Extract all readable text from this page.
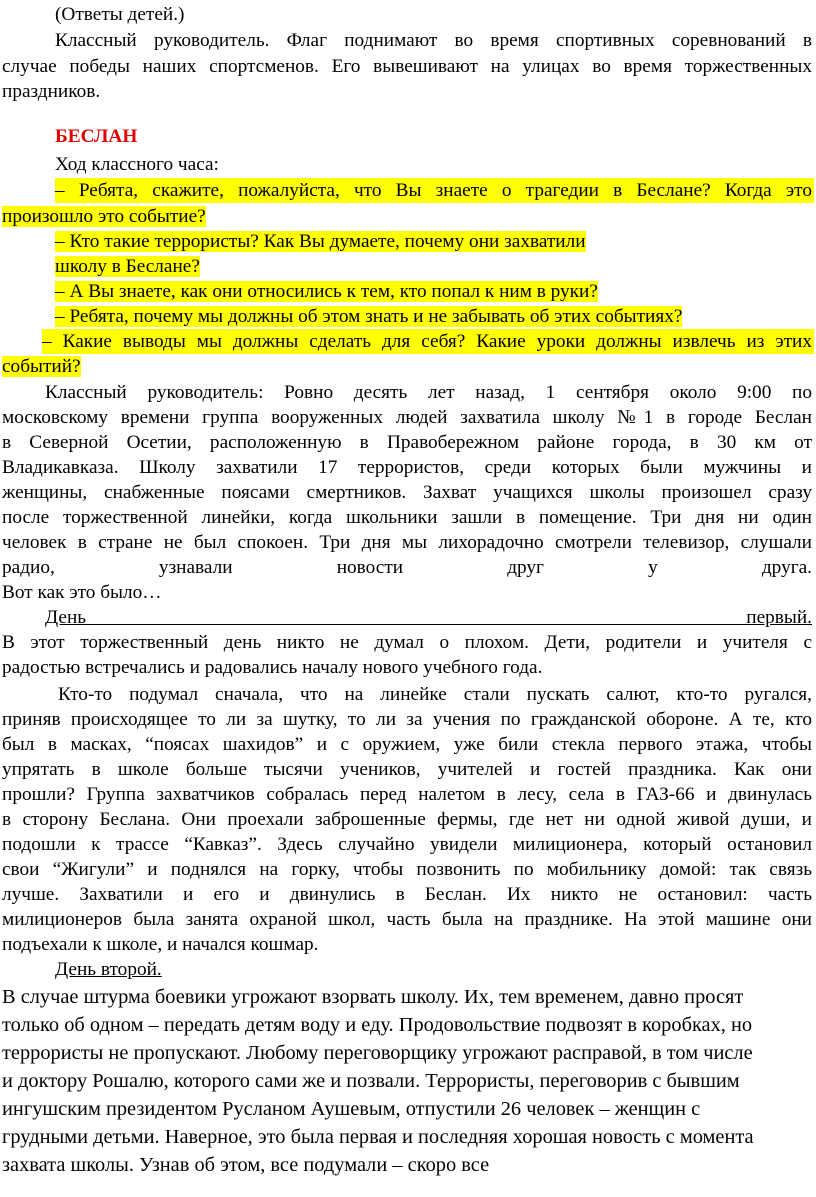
(Ответы детей.)
Классный руководитель. Флаг поднимают во время спортивных соревнований в
случае победы наших спортсменов. Его вывешивают на улицах во время торжественных
праздников.
БЕСЛАН
Ход классного часа:
– Ребята, скажите, пожалуйста, что Вы знаете о трагедии в Беслане? Когда это
произошло это событие?
– Кто такие террористы? Как Вы думаете, почему они захватили
школу в Беслане?
– А Вы знаете, как они относились к тем, кто попал к ним в руки?
– Ребята, почему мы должны об этом знать и не забывать об этих событиях?
– Какие выводы мы должны сделать для себя? Какие уроки должны извлечь из этих
событий?
Классный руководитель: Ровно десять лет назад, 1 сентября около 9:00 по
московскому времени группа вооруженных людей захватила школу №1 в городе Беслан
в Северной Осетии, расположенную в Правобережном районе города, в 30 км от
Владикавказа. Школу захватили 17 террористов, среди которых были мужчины и
женщины, снабженные поясами смертников. Захват учащихся школы произошел сразу
после торжественной линейки, когда школьники зашли в помещение. Три дня ни один
человек в стране не был спокоен. Три дня мы лихорадочно смотрели телевизор, слушали
радио, узнавали новости друг у друга.
Вот как это было…
День первый.
В этот торжественный день никто не думал о плохом. Дети, родители и учителя с
радостью встречались и радовались началу нового учебного года.
Кто-то подумал сначала, что на линейке стали пускать салют, кто-то ругался,
приняв происходящее то ли за шутку, то ли за учения по гражданской обороне. А те, кто
был в масках, “поясах шахидов” и с оружием, уже били стекла первого этажа, чтобы
упрятать в школе больше тысячи учеников, учителей и гостей праздника. Как они
прошли? Группа захватчиков собралась перед налетом в лесу, села в ГАЗ-66 и двинулась
в сторону Беслана. Они проехали заброшенные фермы, где нет ни одной живой души, и
подошли к трассе “Кавказ”. Здесь случайно увидели милиционера, который остановил
свои “Жигули” и поднялся на горку, чтобы позвонить по мобильнику домой: так связь
лучше. Захватили и его и двинулись в Беслан. Их никто не остановил: часть
милиционеров была занята охраной школ, часть была на празднике. На этой машине они
подъехали к школе, и начался кошмар.
День второй.
В случае штурма боевики угрожают взорвать школу. Их, тем временем, давно просят
только об одном – передать детям воду и еду. Продовольствие подвозят в коробках, но
террористы не пропускают. Любому переговорщику угрожают расправой, в том числе
и доктору Рошалю, которого сами же и позвали. Террористы, переговорив с бывшим
ингушским президентом Русланом Аушевым, отпустили 26 человек – женщин с
грудными детьми. Наверное, это была первая и последняя хорошая новость с момента
захвата школы. Узнав об этом, все подумали – скоро все
